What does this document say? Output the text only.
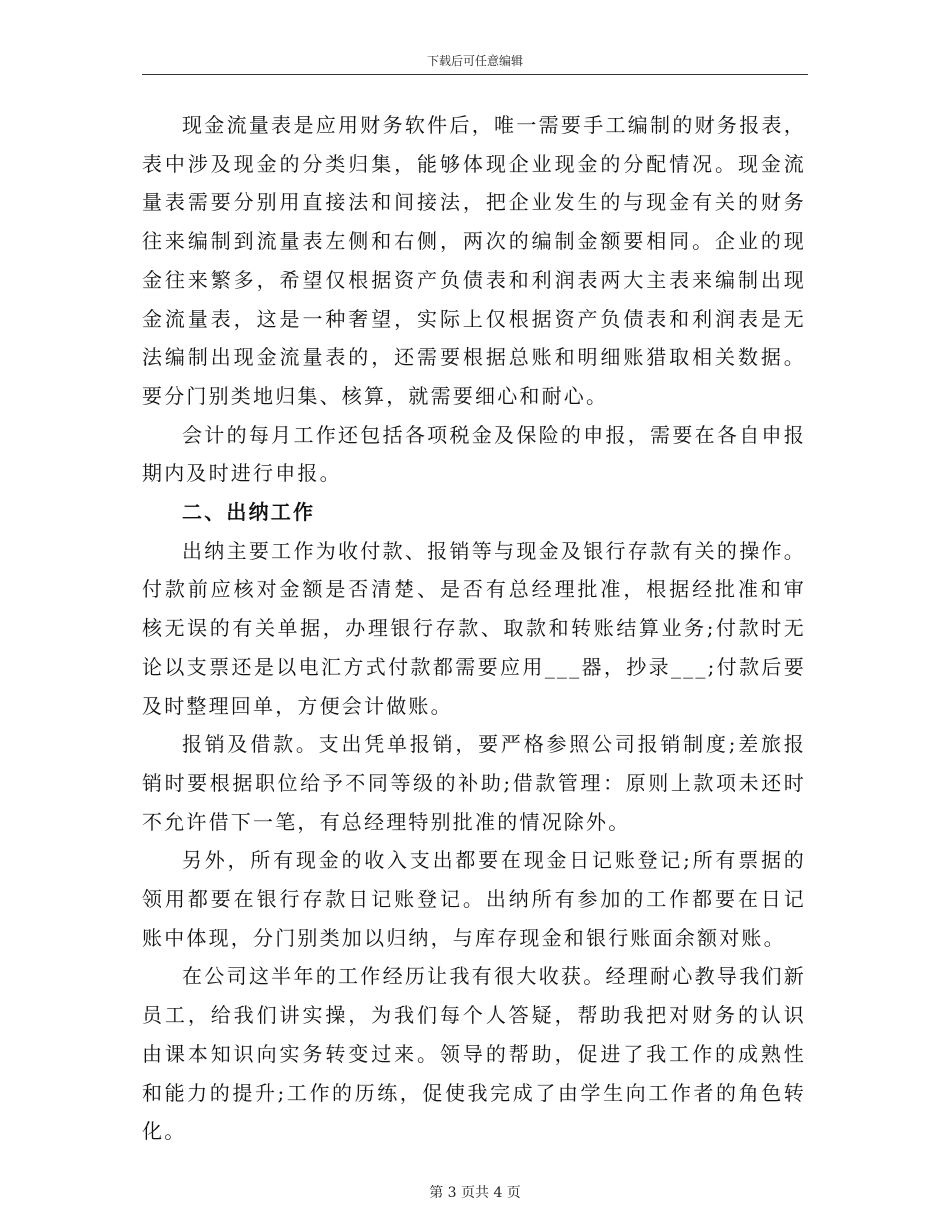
下载后可任意编辑

现金流量表是应用财务软件后，唯一需要手工编制的财务报表，表中涉及现金的分类归集，能够体现企业现金的分配情况。现金流量表需要分别用直接法和间接法，把企业发生的与现金有关的财务往来编制到流量表左侧和右侧，两次的编制金额要相同。企业的现金往来繁多，希望仅根据资产负债表和利润表两大主表来编制出现金流量表，这是一种奢望，实际上仅根据资产负债表和利润表是无法编制出现金流量表的，还需要根据总账和明细账猎取相关数据。要分门别类地归集、核算，就需要细心和耐心。

会计的每月工作还包括各项税金及保险的申报，需要在各自申报期内及时进行申报。

二、出纳工作

出纳主要工作为收付款、报销等与现金及银行存款有关的操作。付款前应核对金额是否清楚、是否有总经理批准，根据经批准和审核无误的有关单据，办理银行存款、取款和转账结算业务;付款时无论以支票还是以电汇方式付款都需要应用___器，抄录___;付款后要及时整理回单，方便会计做账。

报销及借款。支出凭单报销，要严格参照公司报销制度;差旅报销时要根据职位给予不同等级的补助;借款管理：原则上款项未还时不允许借下一笔，有总经理特别批准的情况除外。

另外，所有现金的收入支出都要在现金日记账登记;所有票据的领用都要在银行存款日记账登记。出纳所有参加的工作都要在日记账中体现，分门别类加以归纳，与库存现金和银行账面余额对账。

在公司这半年的工作经历让我有很大收获。经理耐心教导我们新员工，给我们讲实操，为我们每个人答疑，帮助我把对财务的认识由课本知识向实务转变过来。领导的帮助，促进了我工作的成熟性和能力的提升;工作的历练，促使我完成了由学生向工作者的角色转化。

第 3 页共 4 页
